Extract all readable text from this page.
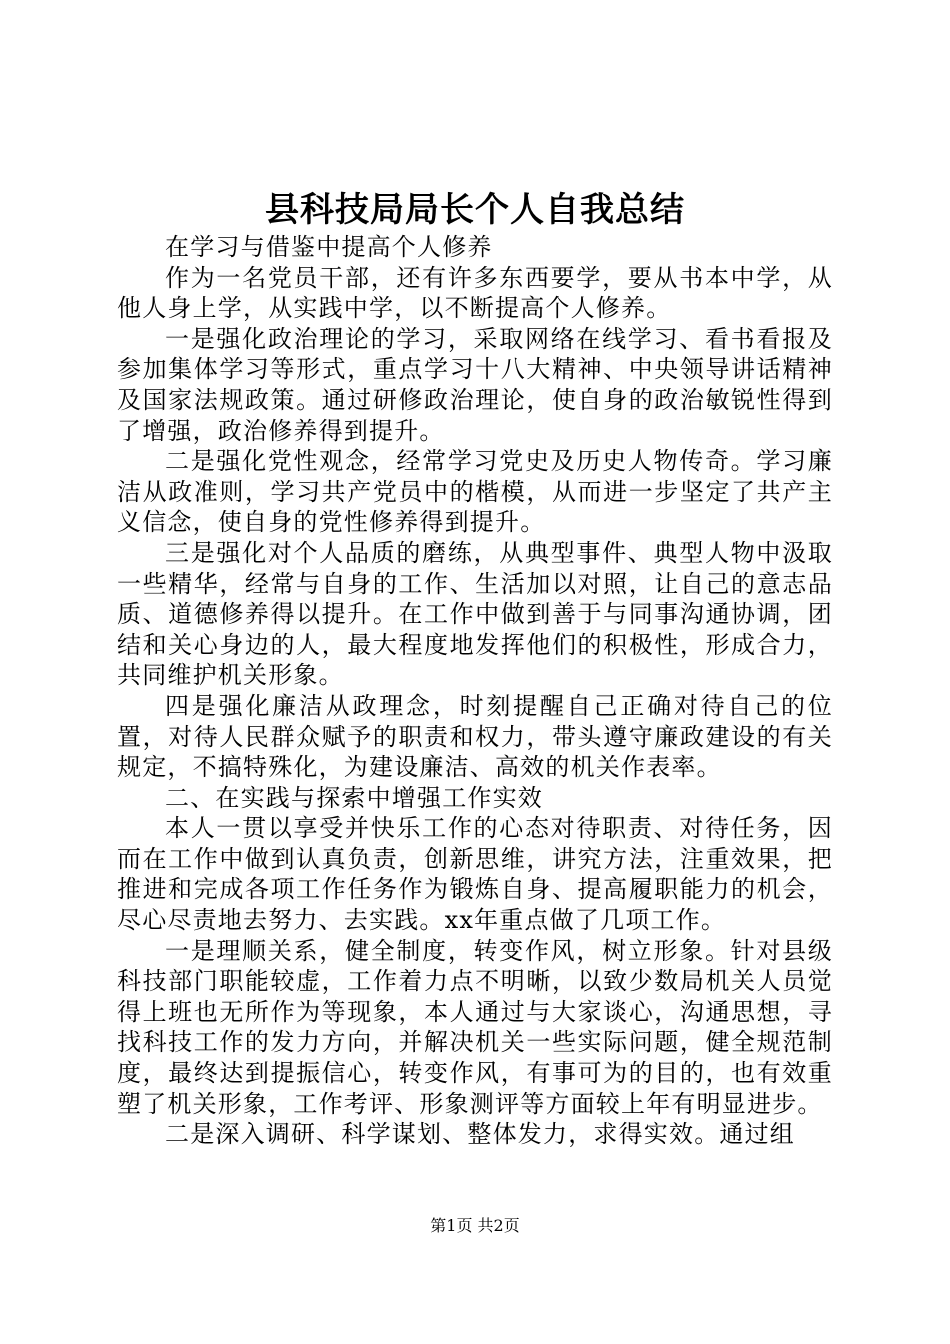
县科技局局长个人自我总结

在学习与借鉴中提高个人修养

作为一名党员干部，还有许多东西要学，要从书本中学，从他人身上学，从实践中学，以不断提高个人修养。

一是强化政治理论的学习，采取网络在线学习、看书看报及参加集体学习等形式，重点学习十八大精神、中央领导讲话精神及国家法规政策。通过研修政治理论，使自身的政治敏锐性得到了增强，政治修养得到提升。

二是强化党性观念，经常学习党史及历史人物传奇。学习廉洁从政准则，学习共产党员中的楷模，从而进一步坚定了共产主义信念，使自身的党性修养得到提升。

三是强化对个人品质的磨练，从典型事件、典型人物中汲取一些精华，经常与自身的工作、生活加以对照，让自己的意志品质、道德修养得以提升。在工作中做到善于与同事沟通协调，团结和关心身边的人，最大程度地发挥他们的积极性，形成合力，共同维护机关形象。

四是强化廉洁从政理念，时刻提醒自己正确对待自己的位置，对待人民群众赋予的职责和权力，带头遵守廉政建设的有关规定，不搞特殊化，为建设廉洁、高效的机关作表率。

二、在实践与探索中增强工作实效

本人一贯以享受并快乐工作的心态对待职责、对待任务，因而在工作中做到认真负责，创新思维，讲究方法，注重效果，把推进和完成各项工作任务作为锻炼自身、提高履职能力的机会，尽心尽责地去努力、去实践。xx年重点做了几项工作。

一是理顺关系，健全制度，转变作风，树立形象。针对县级科技部门职能较虚，工作着力点不明晰，以致少数局机关人员觉得上班也无所作为等现象，本人通过与大家谈心，沟通思想，寻找科技工作的发力方向，并解决机关一些实际问题，健全规范制度，最终达到提振信心，转变作风，有事可为的目的，也有效重塑了机关形象，工作考评、形象测评等方面较上年有明显进步。

二是深入调研、科学谋划、整体发力，求得实效。通过组

第1页 共2页
